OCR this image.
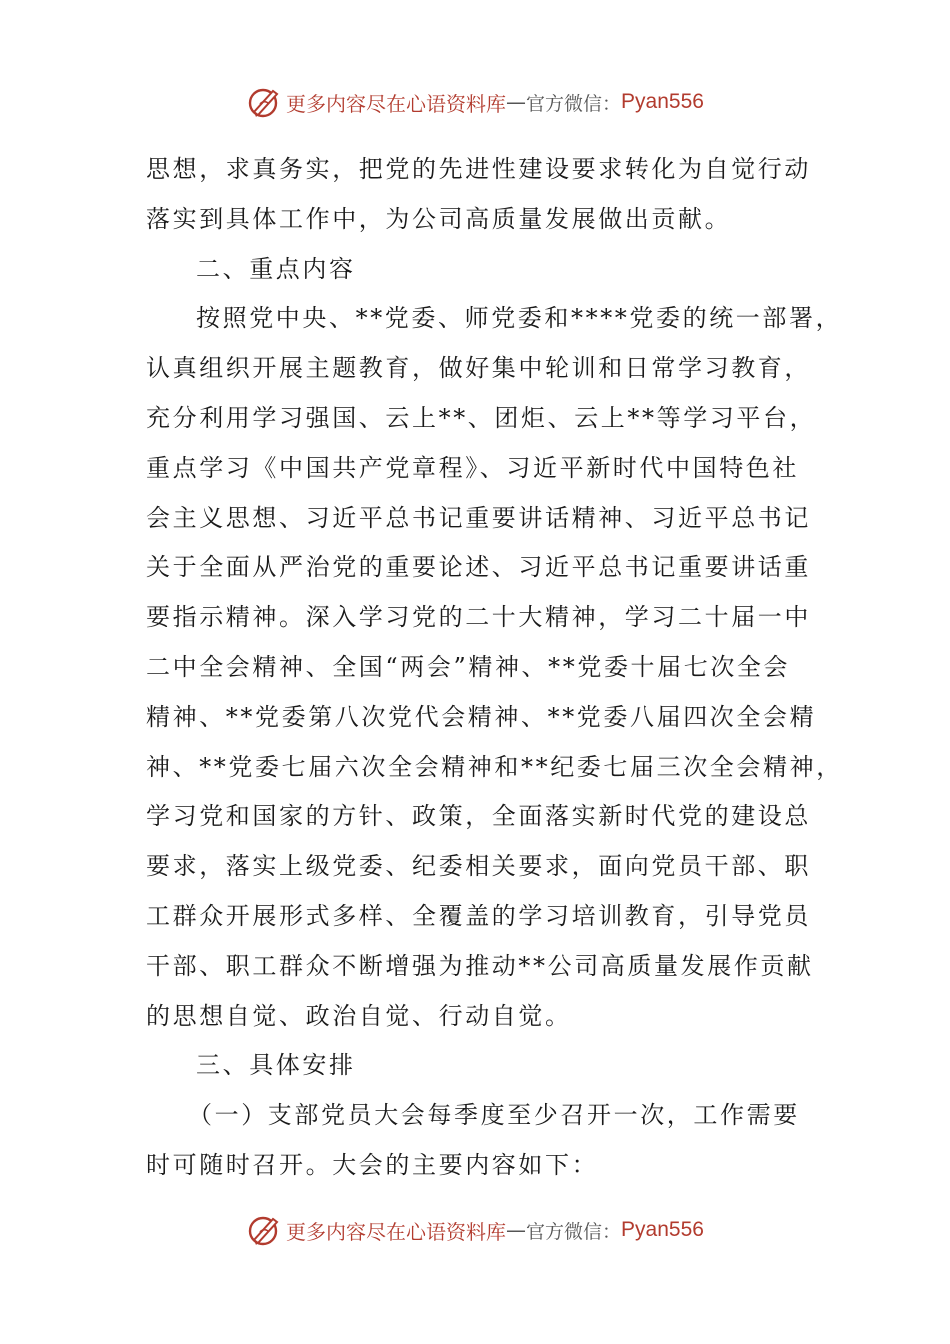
更多内容尽在心语资料库 — 官方微信： Pyan556
思想，求真务实，把党的先进性建设要求转化为自觉行动
落实到具体工作中，为公司高质量发展做出贡献。
二、重点内容
按照党中央、**党委、师党委和****党委的统一部署，
认真组织开展主题教育，做好集中轮训和日常学习教育，
充分利用学习强国、云上**、团炬、云上**等学习平台，
重点学习《中国共产党章程》、习近平新时代中国特色社
会主义思想、习近平总书记重要讲话精神、习近平总书记
关于全面从严治党的重要论述、习近平总书记重要讲话重
要指示精神。深入学习党的二十大精神，学习二十届一中
二中全会精神、全国“两会”精神、**党委十届七次全会
精神、**党委第八次党代会精神、**党委八届四次全会精
神、**党委七届六次全会精神和**纪委七届三次全会精神，
学习党和国家的方针、政策，全面落实新时代党的建设总
要求，落实上级党委、纪委相关要求，面向党员干部、职
工群众开展形式多样、全覆盖的学习培训教育，引导党员
干部、职工群众不断增强为推动**公司高质量发展作贡献
的思想自觉、政治自觉、行动自觉。
三、具体安排
（一）支部党员大会每季度至少召开一次，工作需要
时可随时召开。大会的主要内容如下：
更多内容尽在心语资料库 — 官方微信： Pyan556
